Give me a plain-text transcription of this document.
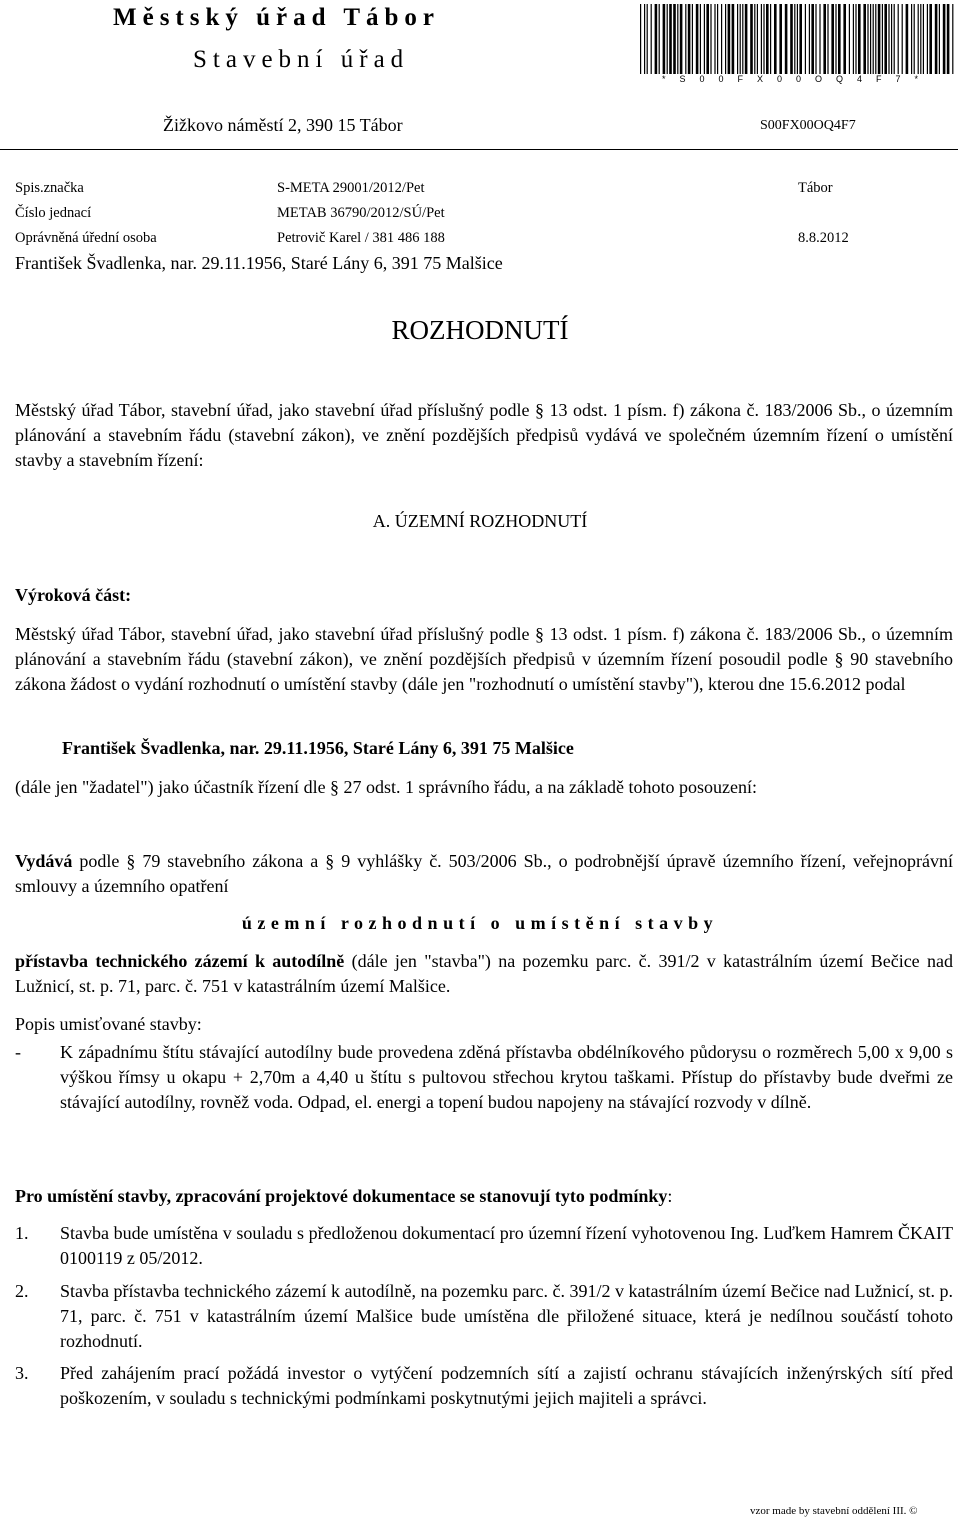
Městský úřad Tábor
Stavební úřad
*S00FX00OQ4F7*
Žižkovo náměstí 2, 390 15 Tábor	S00FX00OQ4F7
Spis.značka	S-META 29001/2012/Pet	Tábor
Číslo jednací	METAB 36790/2012/SÚ/Pet
Oprávněná úřední osoba	Petrovič Karel / 381 486 188	8.8.2012
František Švadlenka, nar. 29.11.1956, Staré Lány 6, 391 75 Malšice
ROZHODNUTÍ
Městský úřad Tábor, stavební úřad, jako stavební úřad příslušný podle § 13 odst. 1 písm. f) zákona č. 183/2006 Sb., o územním plánování a stavebním řádu (stavební zákon), ve znění pozdějších předpisů vydává ve společném územním řízení o umístění stavby a stavebním řízení:
A. ÚZEMNÍ ROZHODNUTÍ
Výroková část:
Městský úřad Tábor, stavební úřad, jako stavební úřad příslušný podle § 13 odst. 1 písm. f) zákona č. 183/2006 Sb., o územním plánování a stavebním řádu (stavební zákon), ve znění pozdějších předpisů v územním řízení posoudil podle § 90 stavebního zákona žádost o vydání rozhodnutí o umístění stavby (dále jen "rozhodnutí o umístění stavby"), kterou dne 15.6.2012 podal
František Švadlenka, nar. 29.11.1956, Staré Lány 6, 391 75 Malšice
(dále jen "žadatel") jako účastník řízení dle § 27 odst. 1 správního řádu, a na základě tohoto posouzení:
Vydává podle § 79 stavebního zákona a § 9 vyhlášky č. 503/2006 Sb., o podrobnější úpravě územního řízení, veřejnoprávní smlouvy a územního opatření
územní rozhodnutí o umístění stavby
přístavba technického zázemí k autodílně (dále jen "stavba") na pozemku parc. č. 391/2 v katastrálním území Bečice nad Lužnicí, st. p. 71, parc. č. 751 v katastrálním území Malšice.
Popis umisťované stavby:
- K západnímu štítu stávající autodílny bude provedena zděná přístavba obdélníkového půdorysu o rozměrech 5,00 x 9,00 s výškou římsy u okapu + 2,70m a 4,40 u štítu s pultovou střechou krytou taškami. Přístup do přístavby bude dveřmi ze stávající autodílny, rovněž voda. Odpad, el. energi a topení budou napojeny na stávající rozvody v dílně.
Pro umístění stavby, zpracování projektové dokumentace se stanovují tyto podmínky:
1. Stavba bude umístěna v souladu s předloženou dokumentací pro územní řízení vyhotovenou Ing. Luďkem Hamrem ČKAIT 0100119 z 05/2012.
2. Stavba přístavba technického zázemí k autodílně, na pozemku parc. č. 391/2 v katastrálním území Bečice nad Lužnicí, st. p. 71, parc. č. 751 v katastrálním území Malšice bude umístěna dle přiložené situace, která je nedílnou součástí tohoto rozhodnutí.
3. Před zahájením prací požádá investor o vytýčení podzemních sítí a zajistí ochranu stávajících inženýrských sítí před poškozením, v souladu s technickými podmínkami poskytnutými jejich majiteli a správci.
vzor made by stavební oddělení III. ©
